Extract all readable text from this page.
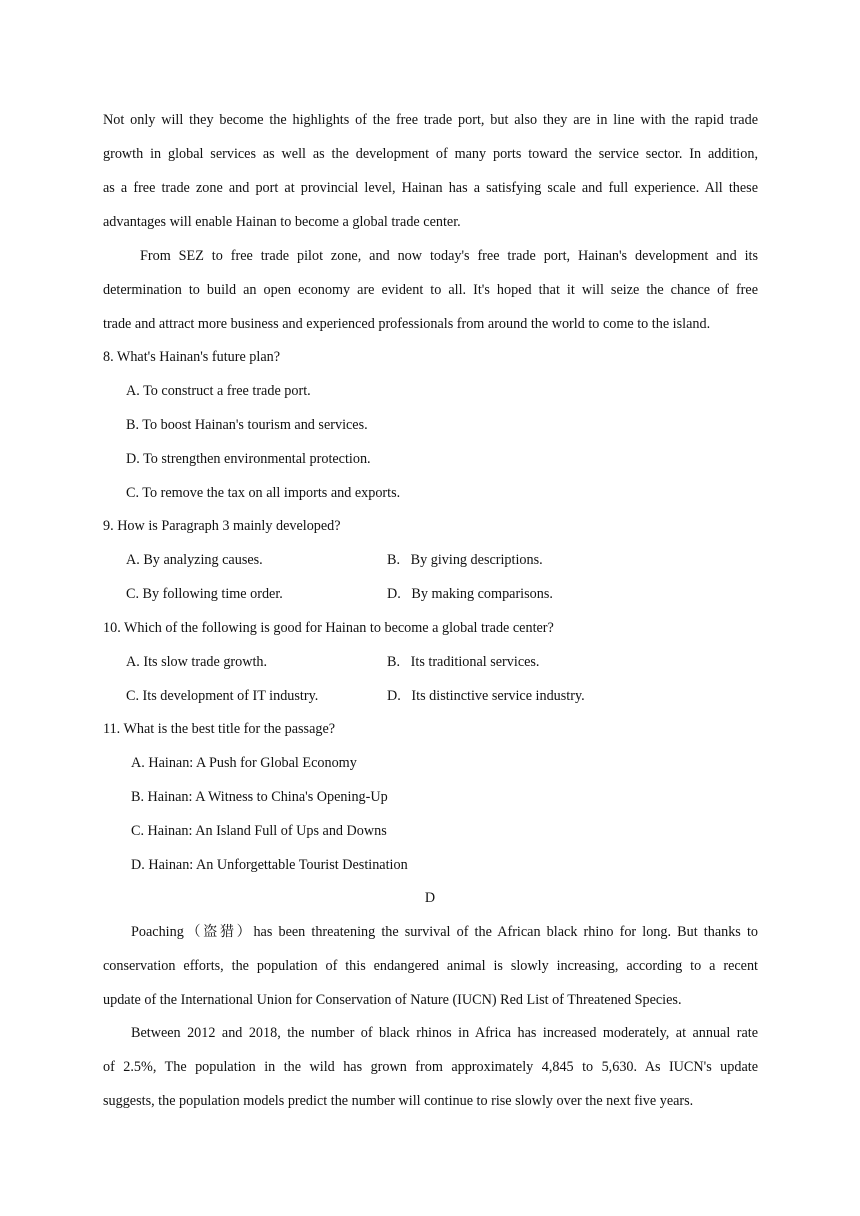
Not only will they become the highlights of the free trade port, but also they are in line with the rapid trade
growth in global services as well as the development of many ports toward the service sector. In addition,
as a free trade zone and port at provincial level, Hainan has a satisfying scale and full experience. All these
advantages will enable Hainan to become a global trade center.
From SEZ to free trade pilot zone, and now today's free trade port, Hainan's development and its
determination to build an open economy are evident to all. It's hoped that it will seize the chance of free
trade and attract more business and experienced professionals from around the world to come to the island.
8. What's Hainan's future plan?
A. To construct a free trade port.
B. To boost Hainan's tourism and services.
D. To strengthen environmental protection.
C. To remove the tax on all imports and exports.
9. How is Paragraph 3 mainly developed?
A. By analyzing causes.	B.   By giving descriptions.
C. By following time order.	D.   By making comparisons.
10. Which of the following is good for Hainan to become a global trade center?
A. Its slow trade growth.	B.   Its traditional services.
C. Its development of IT industry.	D.   Its distinctive service industry.
11. What is the best title for the passage?
A. Hainan: A Push for Global Economy
B. Hainan: A Witness to China's Opening-Up
C. Hainan: An Island Full of Ups and Downs
D. Hainan: An Unforgettable Tourist Destination
D
Poaching（盗猎）has been threatening the survival of the African black rhino for long. But thanks to
conservation efforts, the population of this endangered animal is slowly increasing, according to a recent
update of the International Union for Conservation of Nature (IUCN) Red List of Threatened Species.
Between 2012 and 2018, the number of black rhinos in Africa has increased moderately, at annual rate
of 2.5%, The population in the wild has grown from approximately 4,845 to 5,630. As IUCN's update
suggests, the population models predict the number will continue to rise slowly over the next five years.
